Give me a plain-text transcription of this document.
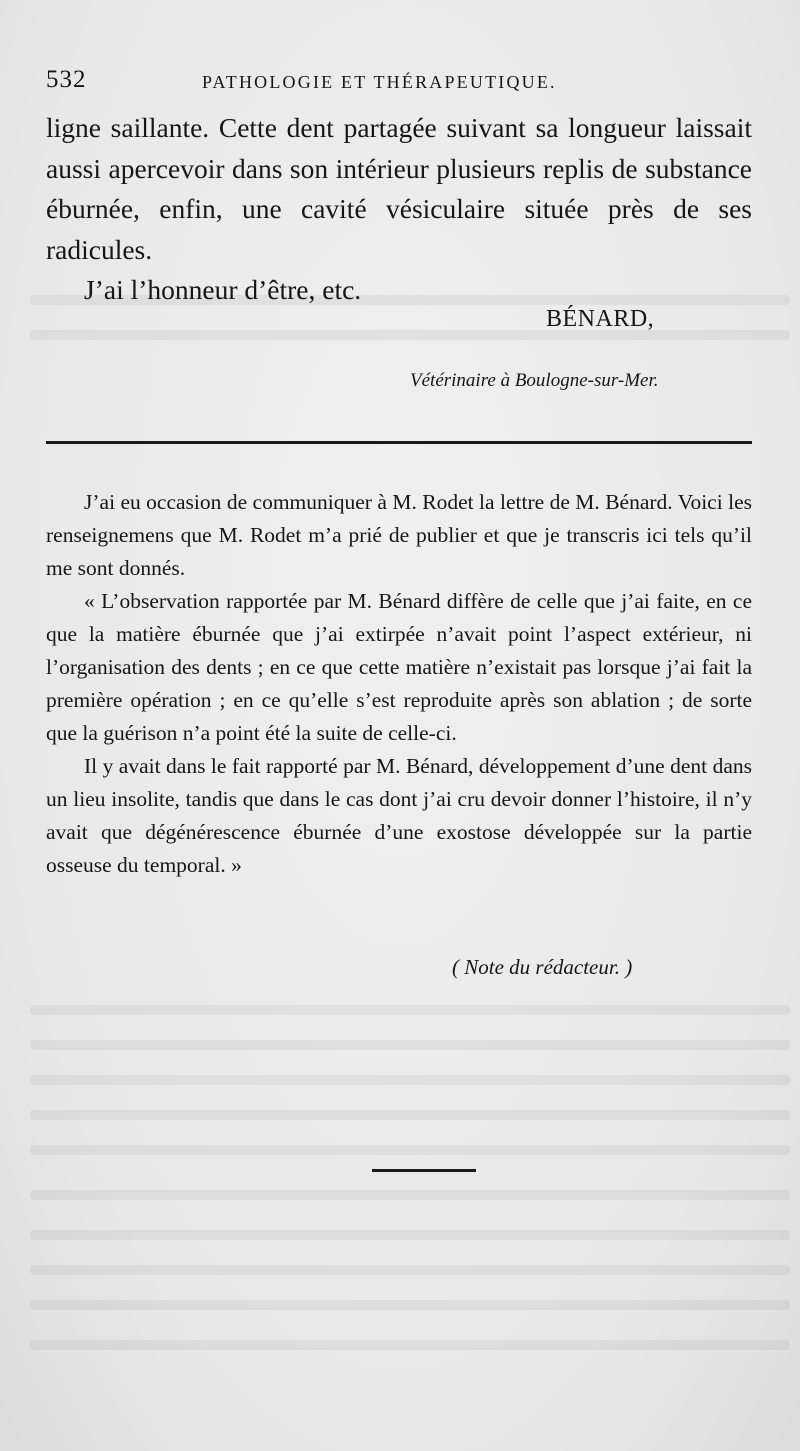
532	PATHOLOGIE ET THÉRAPEUTIQUE.

ligne saillante. Cette dent partagée suivant sa longueur laissait aussi apercevoir dans son intérieur plusieurs replis de substance éburnée, enfin, une cavité vésiculaire située près de ses radicules.

J’ai l’honneur d’être, etc.

BÉNARD,
Vétérinaire à Boulogne-sur-Mer.

J’ai eu occasion de communiquer à M. Rodet la lettre de M. Bénard. Voici les renseignemens que M. Rodet m’a prié de publier et que je transcris ici tels qu’il me sont donnés.

« L’observation rapportée par M. Bénard diffère de celle que j’ai faite, en ce que la matière éburnée que j’ai extirpée n’avait point l’aspect extérieur, ni l’organisation des dents ; en ce que cette matière n’existait pas lorsque j’ai fait la première opération ; en ce qu’elle s’est reproduite après son ablation ; de sorte que la guérison n’a point été la suite de celle-ci.

Il y avait dans le fait rapporté par M. Bénard, développement d’une dent dans un lieu insolite, tandis que dans le cas dont j’ai cru devoir donner l’histoire, il n’y avait que dégénérescence éburnée d’une exostose développée sur la partie osseuse du temporal. »

( Note du rédacteur. )
